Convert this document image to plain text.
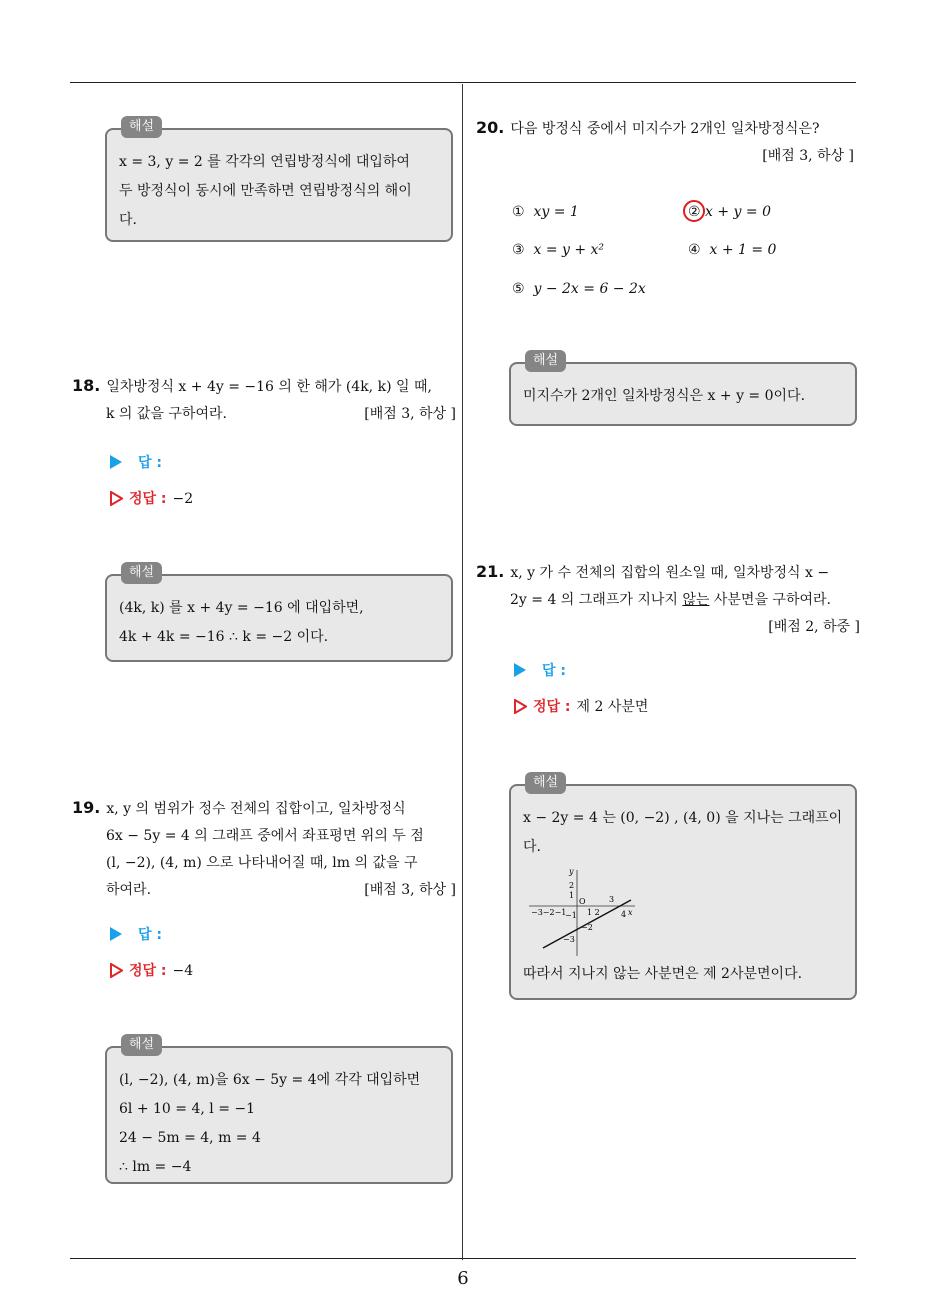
6
해설
x = 3, y = 2 를 각각의 연립방정식에 대입하여
두 방정식이 동시에 만족하면 연립방정식의 해이
다.
18. 일차방정식 x + 4y = −16 의 한 해가 (4k, k) 일 때,
k 의 값을 구하여라.	[배점 3, 하상 ]
답 :
정답 : −2
해설
(4k, k) 를 x + 4y = −16 에 대입하면,
4k + 4k = −16 ∴ k = −2 이다.
19. x, y 의 범위가 정수 전체의 집합이고, 일차방정식
6x − 5y = 4 의 그래프 중에서 좌표평면 위의 두 점
(l, −2), (4, m) 으로 나타내어질 때, lm 의 값을 구
하여라.	[배점 3, 하상 ]
답 :
정답 : −4
해설
(l, −2), (4, m)을 6x − 5y = 4에 각각 대입하면
6l + 10 = 4, l = −1
24 − 5m = 4, m = 4
∴ lm = −4
20. 다음 방정식 중에서 미지수가 2개인 일차방정식은?
[배점 3, 하상 ]
① xy = 1	② x + y = 0
③ x = y + x²	④ x + 1 = 0
⑤ y − 2x = 6 − 2x
해설
미지수가 2개인 일차방정식은 x + y = 0이다.
21. x, y 가 수 전체의 집합의 원소일 때, 일차방정식 x −
2y = 4 의 그래프가 지나지 않는 사분면을 구하여라.
[배점 2, 하중 ]
답 :
정답 : 제 2 사분면
해설
x − 2y = 4 는 (0, −2) , (4, 0) 을 지나는 그래프이
다.
y
x
O
2
1
−1
−2
−3
−3−2−1	1 2
3
4
따라서 지나지 않는 사분면은 제 2사분면이다.
